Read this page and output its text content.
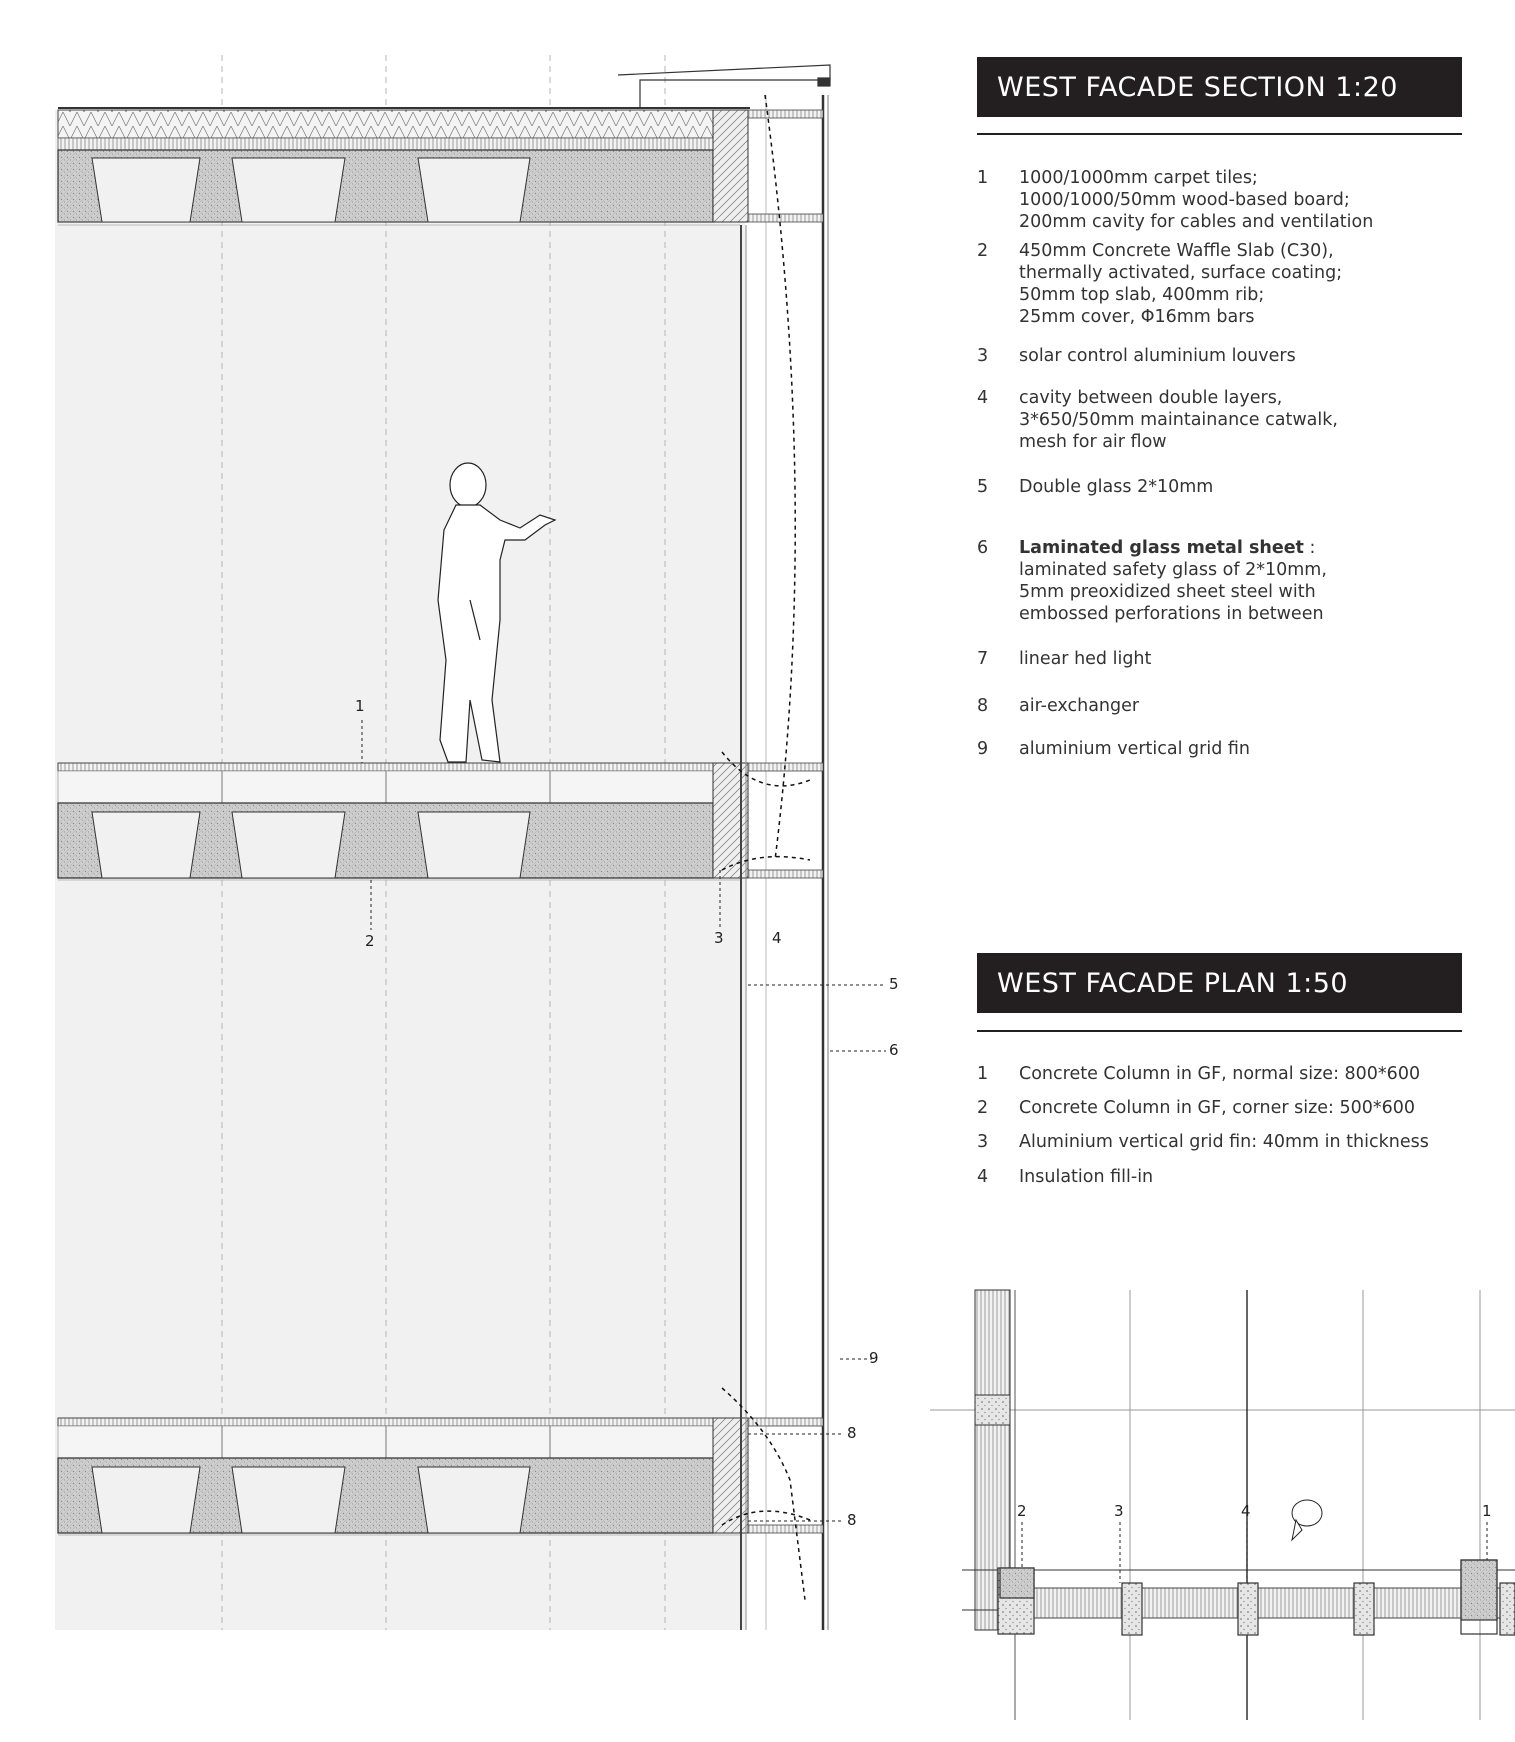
1
2	3	4
5
6
9
8
8	2	3	4	1
WEST FACADE SECTION 1:20
1	1000/1000mm carpet tiles;
1000/1000/50mm wood-based board;
200mm cavity for cables and ventilation
2	450mm Concrete Waffle Slab (C30),
thermally activated, surface coating;
50mm top slab, 400mm rib;
25mm cover, Φ16mm bars
3	solar control aluminium louvers
4	cavity between double layers,
3*650/50mm maintainance catwalk,
mesh for air flow
5	Double glass 2*10mm
6	Laminated glass metal sheet :
laminated safety glass of 2*10mm,
5mm preoxidized sheet steel with
embossed perforations in between
7	linear hed light
8	air-exchanger
9	aluminium vertical grid fin
WEST FACADE PLAN 1:50
1	Concrete Column in GF, normal size: 800*600
2	Concrete Column in GF, corner size: 500*600
3	Aluminium vertical grid fin: 40mm in thickness
4	Insulation fill-in
